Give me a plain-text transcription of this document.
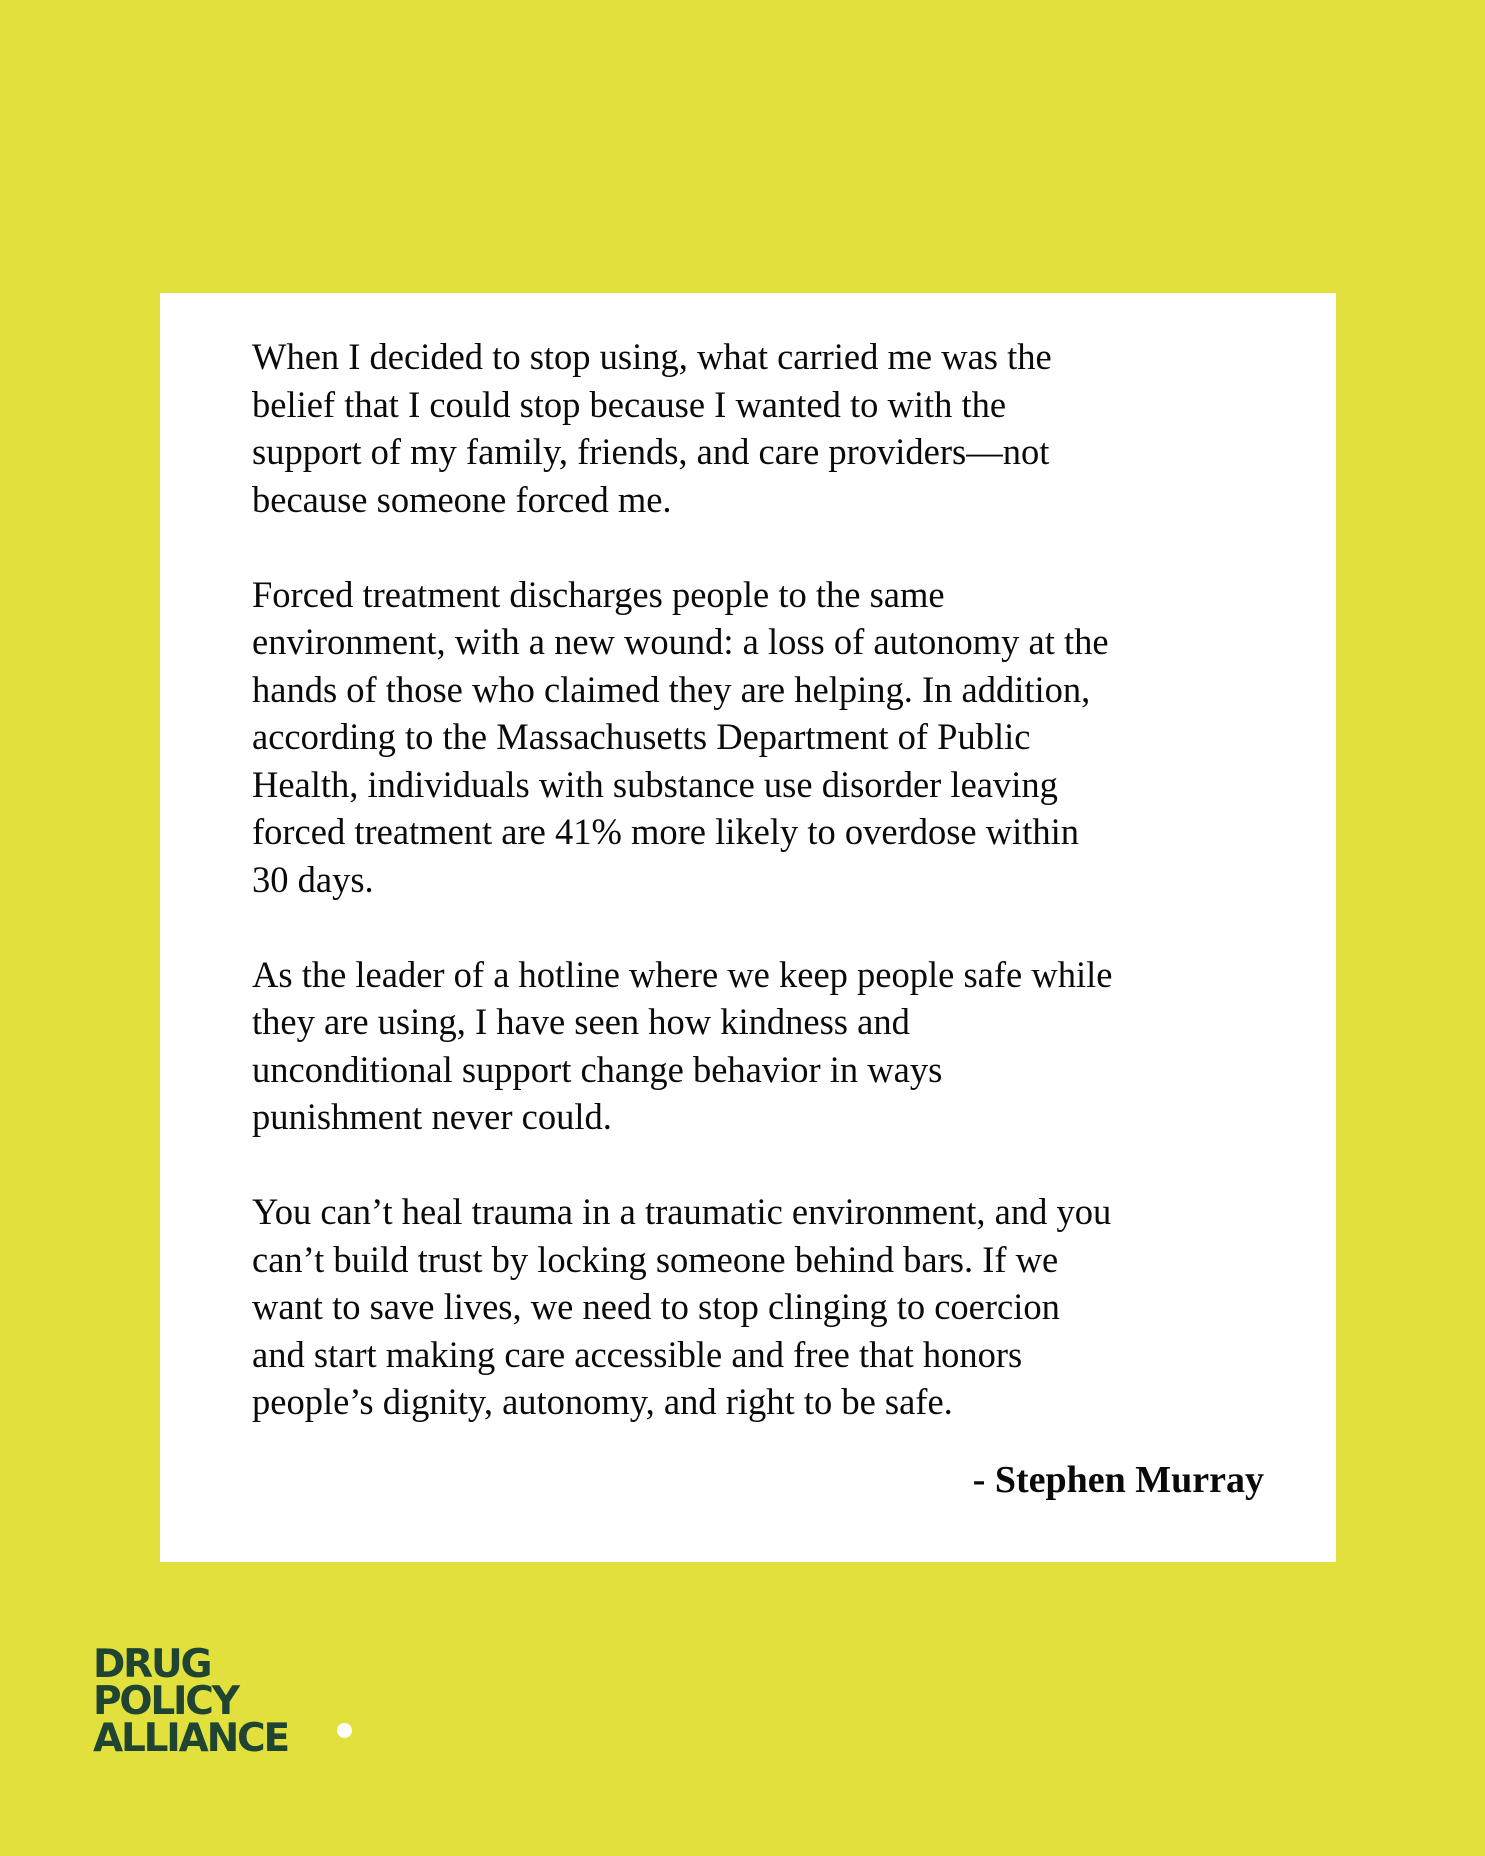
When I decided to stop using, what carried me was the
belief that I could stop because I wanted to with the
support of my family, friends, and care providers—not
because someone forced me.

Forced treatment discharges people to the same
environment, with a new wound: a loss of autonomy at the
hands of those who claimed they are helping. In addition,
according to the Massachusetts Department of Public
Health, individuals with substance use disorder leaving
forced treatment are 41% more likely to overdose within
30 days.

As the leader of a hotline where we keep people safe while
they are using, I have seen how kindness and
unconditional support change behavior in ways
punishment never could.

You can’t heal trauma in a traumatic environment, and you
can’t build trust by locking someone behind bars. If we
want to save lives, we need to stop clinging to coercion
and start making care accessible and free that honors
people’s dignity, autonomy, and right to be safe.

- Stephen Murray

DRUG
POLICY
ALLIANCE
